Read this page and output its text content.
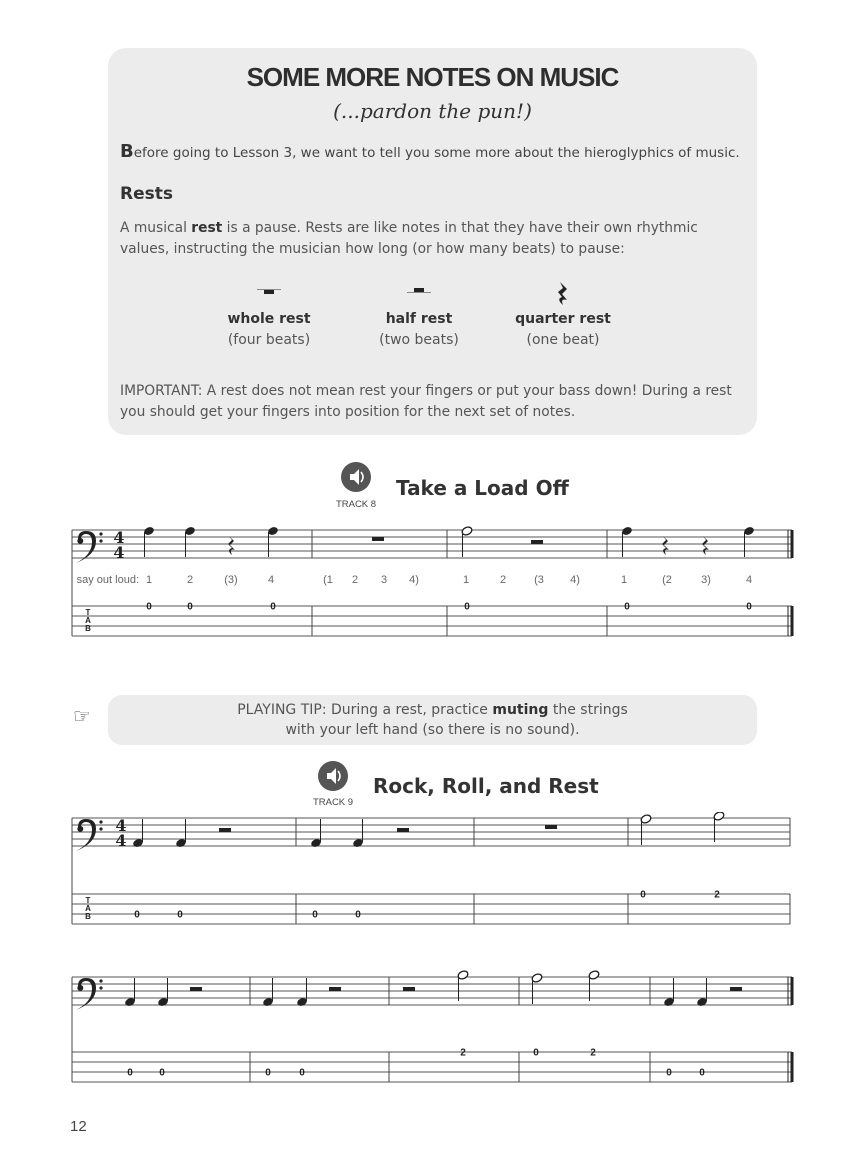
SOME MORE NOTES ON MUSIC
(...pardon the pun!)
Before going to Lesson 3, we want to tell you some more about the hieroglyphics of music.
Rests
A musical rest is a pause. Rests are like notes in that they have their own rhythmic values, instructing the musician how long (or how many beats) to pause:
whole rest
(four beats)
half rest
(two beats)
quarter rest
(one beat)
IMPORTANT: A rest does not mean rest your fingers or put your bass down! During a rest you should get your fingers into position for the next set of notes.
TRACK 8
Take a Load Off
T
A
B
4
4
0	0	0	0	0	0
say out loud: 1	2	(3)	4	(1 2 3 4)	1	2	(3 4)	1	(2	3)	4
☞	PLAYING TIP: During a rest, practice muting the strings
with your left hand (so there is no sound).
TRACK 9
Rock, Roll, and Rest
T
A
B
4
4
0	0	0	0
0	2
0	0	0	0
2	0	2
0	0
12
